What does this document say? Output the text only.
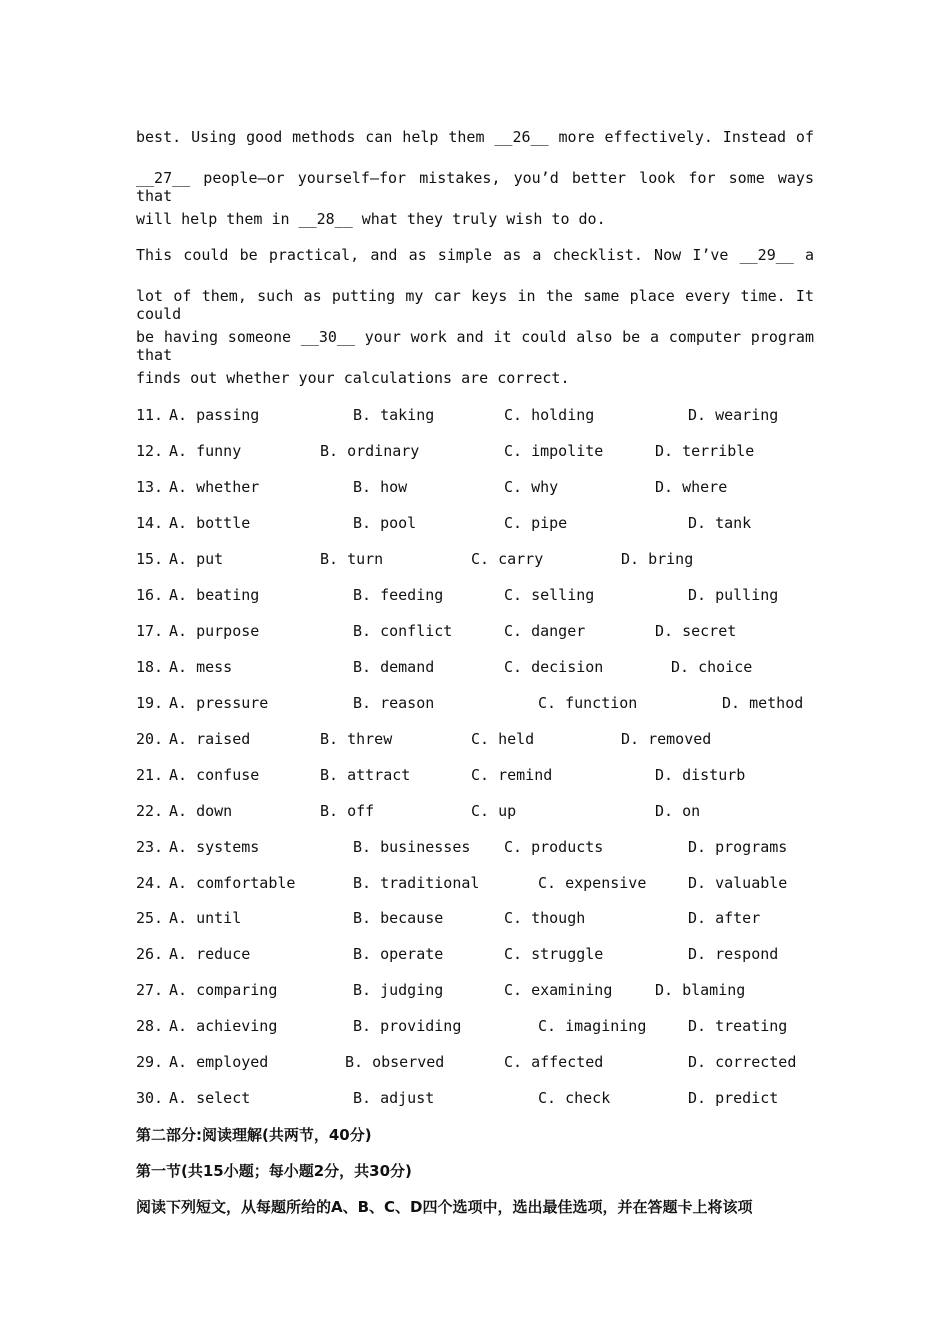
best. Using good methods can help them __26__ more effectively. Instead of
__27__ people—or yourself—for mistakes, you’d better look for some ways that
will help them in __28__ what they truly wish to do.
This could be practical, and as simple as a checklist. Now I’ve __29__ a
lot of them, such as putting my car keys in the same place every time. It could
be having someone __30__ your work and it could also be a computer program that
finds out whether your calculations are correct.
11. A. passing	B. taking	C. holding	D. wearing
12. A. funny	B. ordinary	C. impolite	D. terrible
13. A. whether	B. how	C. why	D. where
14. A. bottle	B. pool	C. pipe	D. tank
15. A. put	B. turn	C. carry	D. bring
16. A. beating	B. feeding	C. selling	D. pulling
17. A. purpose	B. conflict	C. danger	D. secret
18. A. mess	B. demand	C. decision	D. choice
19. A. pressure	B. reason	C. function	D. method
20. A. raised	B. threw	C. held	D. removed
21. A. confuse	B. attract	C. remind	D. disturb
22. A. down	B. off	C. up	D. on
23. A. systems	B. businesses C. products	D. programs
24. A. comfortable	B. traditional	C. expensive	D. valuable
25. A. until	B. because	C. though	D. after
26. A. reduce	B. operate	C. struggle	D. respond
27. A. comparing	B. judging	C. examining	D. blaming
28. A. achieving	B. providing	C. imagining	D. treating
29. A. employed	B. observed	C. affected	D. corrected
30. A. select	B. adjust	C. check	D. predict
第二部分:阅读理解(共两节，40分)
第一节(共15小题；每小题2分，共30分)
阅读下列短文，从每题所给的A、B、C、D四个选项中，选出最佳选项，并在答题卡上将该项
